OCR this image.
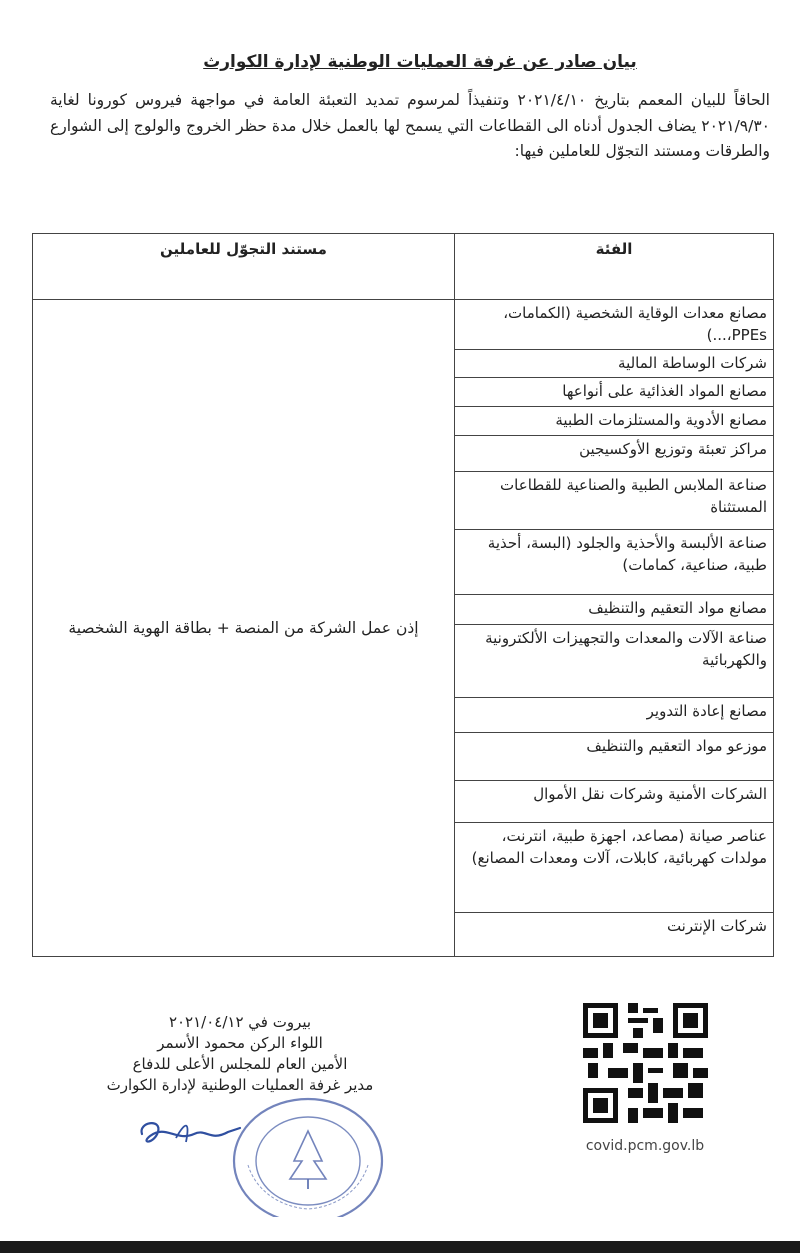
بيان صادر عن غرفة العمليات الوطنية لإدارة الكوارث
الحاقاً للبيان المعمم بتاريخ ٢٠٢١/٤/١٠ وتنفيذاً لمرسوم تمديد التعبئة العامة في مواجهة فيروس كورونا لغاية ٢٠٢١/٩/٣٠ يضاف الجدول أدناه الى القطاعات التي يسمح لها بالعمل خلال مدة حظر الخروج والولوج إلى الشوارع والطرقات ومستند التجوّل للعاملين فيها:
الفئة	مستند التجوّل للعاملين
مصانع معدات الوقاية الشخصية (الكمامات، PPEs،...)	إذن عمل الشركة من المنصة + بطاقة الهوية الشخصية
شركات الوساطة المالية	
مصانع المواد الغذائية على أنواعها	
مصانع الأدوية والمستلزمات الطبية	
مراكز تعبئة وتوزيع الأوكسيجين	
صناعة الملابس الطبية والصناعية للقطاعات المستثناة	
صناعة الألبسة والأحذية والجلود (البسة، أحذية طبية، صناعية، كمامات)	
مصانع مواد التعقيم والتنظيف	
صناعة الآلات والمعدات والتجهيزات الألكترونية والكهربائية	
مصانع إعادة التدوير	
موزعو مواد التعقيم والتنظيف	
الشركات الأمنية وشركات نقل الأموال	
عناصر صيانة (مصاعد، اجهزة طبية، انترنت، مولدات كهربائية، كابلات، آلات ومعدات المصانع)	
شركات الإنترنت	
بيروت في ٢٠٢١/٠٤/١٢
اللواء الركن محمود الأسمر
الأمين العام للمجلس الأعلى للدفاع
مدير غرفة العمليات الوطنية لإدارة الكوارث
covid.pcm.gov.lb
